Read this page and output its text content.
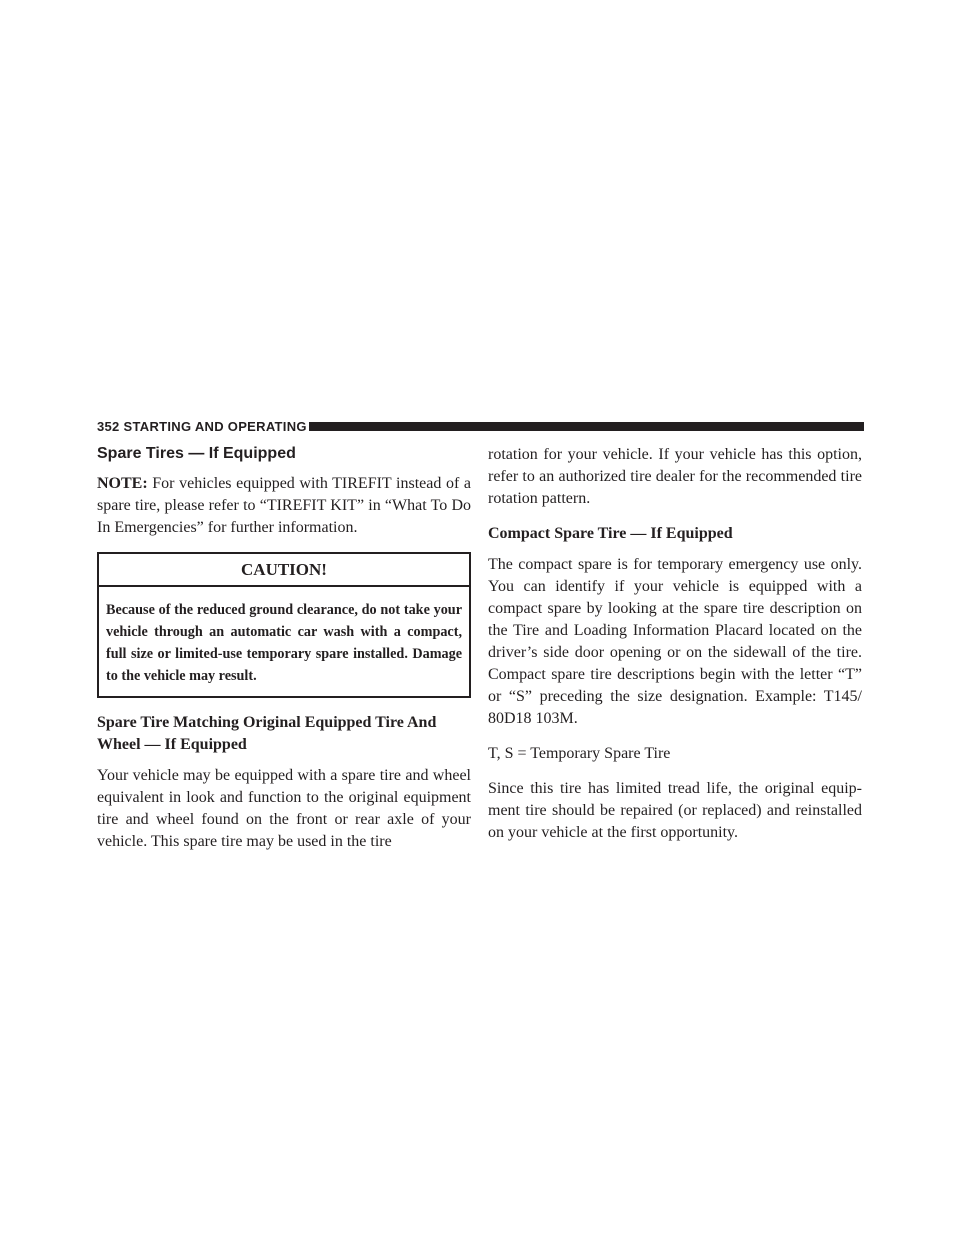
352 STARTING AND OPERATING
Spare Tires — If Equipped

NOTE: For vehicles equipped with TIREFIT instead of a spare tire, please refer to “TIREFIT KIT” in “What To Do In Emergencies” for further information.

CAUTION!
Because of the reduced ground clearance, do not take your vehicle through an automatic car wash with a compact, full size or limited-use temporary spare installed. Damage to the vehicle may result.
Spare Tire Matching Original Equipped Tire And Wheel — If Equipped

Your vehicle may be equipped with a spare tire and wheel equivalent in look and function to the original equipment tire and wheel found on the front or rear axle of your vehicle. This spare tire may be used in the tire

rotation for your vehicle. If your vehicle has this option, refer to an authorized tire dealer for the recommended tire rotation pattern.

Compact Spare Tire — If Equipped

The compact spare is for temporary emergency use only. You can identify if your vehicle is equipped with a compact spare by looking at the spare tire description on the Tire and Loading Information Placard located on the driver’s side door opening or on the sidewall of the tire. Compact spare tire descriptions begin with the letter “T” or “S” preceding the size designation. Example: T145/ 80D18 103M.

T, S = Temporary Spare Tire

Since this tire has limited tread life, the original equip- ment tire should be repaired (or replaced) and reinstalled on your vehicle at the first opportunity.
